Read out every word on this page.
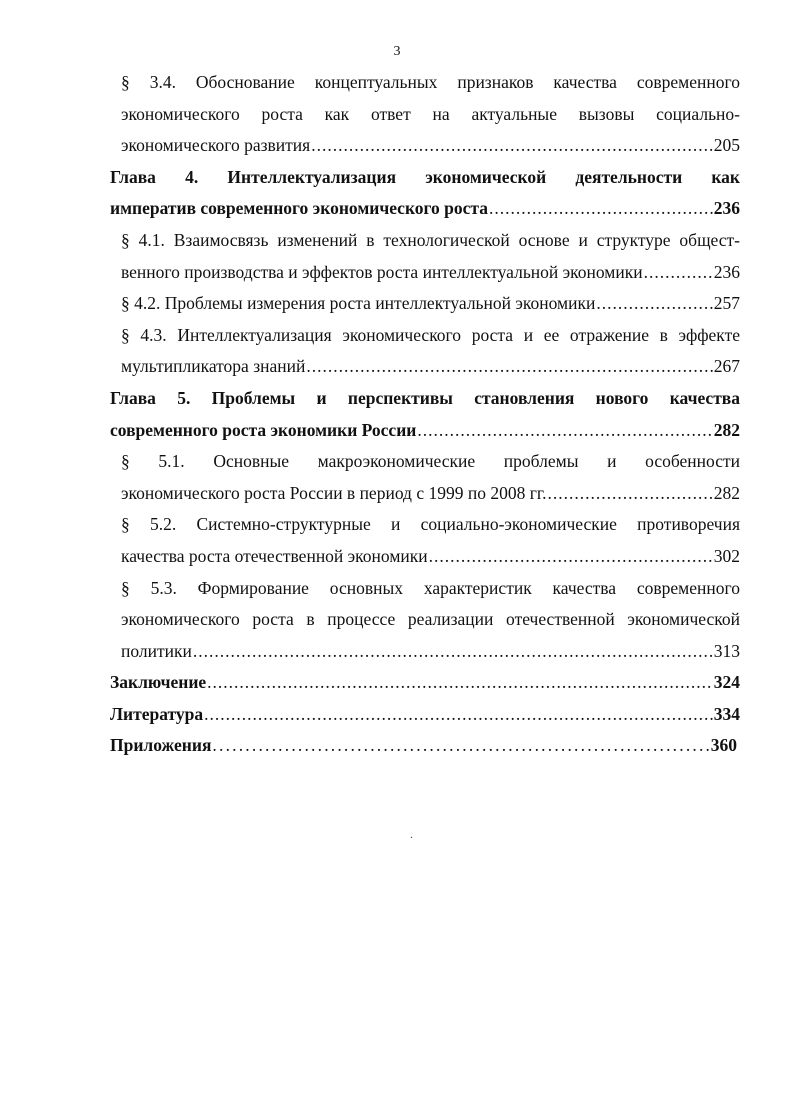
3
§ 3.4. Обоснование концептуальных признаков качества современного
экономического роста как ответ на актуальные вызовы социально-
экономического развития .....	205
Глава 4. Интеллектуализация экономической деятельности как
императив современного экономического роста .....	236
§ 4.1. Взаимосвязь изменений в технологической основе и структуре общест-
венного производства и эффектов роста интеллектуальной экономики .....	236
§ 4.2. Проблемы измерения роста интеллектуальной экономики .....	257
§ 4.3. Интеллектуализация экономического роста и ее отражение в эффекте
мультипликатора знаний .....	267
Глава 5. Проблемы и перспективы становления нового качества
современного роста экономики России .....	282
§ 5.1. Основные макроэкономические проблемы и особенности
экономического роста России в период с 1999 по 2008 гг. .....	282
§ 5.2. Системно-структурные и социально-экономические противоречия
качества роста отечественной экономики .....	302
§ 5.3. Формирование основных характеристик качества современного
экономического роста в процессе реализации отечественной экономической
политики .....	313
Заключение .....	324
Литература .....	334
Приложения .....	360
.
